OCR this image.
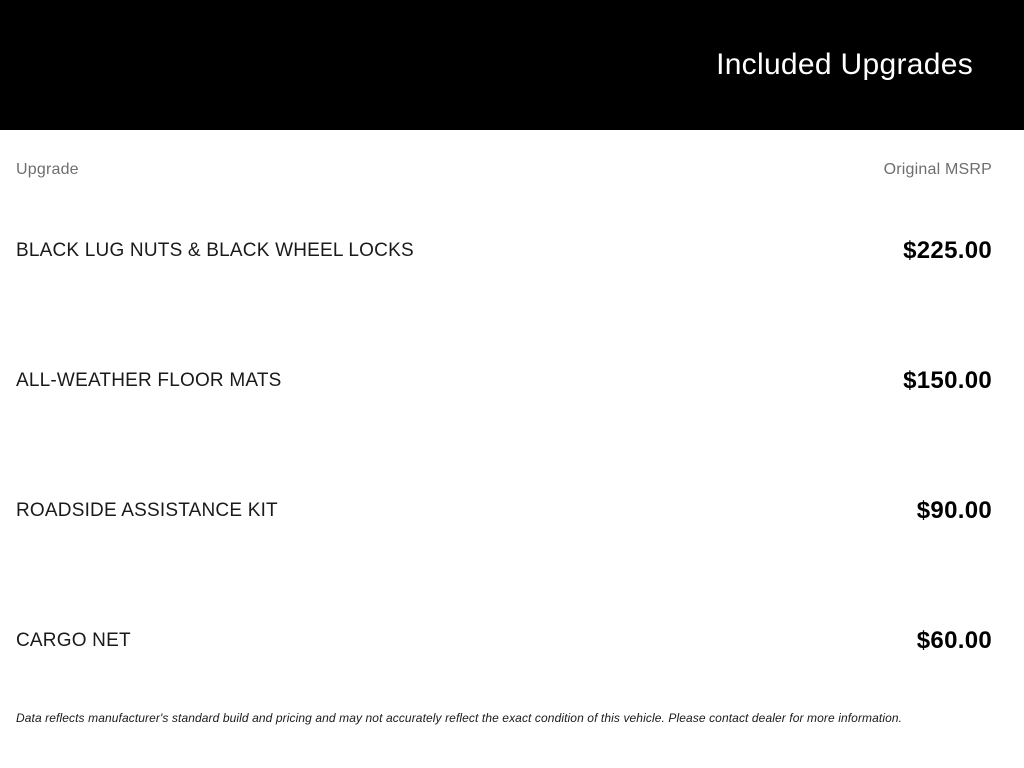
Included Upgrades
Upgrade	Original MSRP
BLACK LUG NUTS & BLACK WHEEL LOCKS	$225.00
ALL-WEATHER FLOOR MATS	$150.00
ROADSIDE ASSISTANCE KIT	$90.00
CARGO NET	$60.00

Data reflects manufacturer's standard build and pricing and may not accurately reflect the exact condition of this vehicle. Please contact dealer for more information.
